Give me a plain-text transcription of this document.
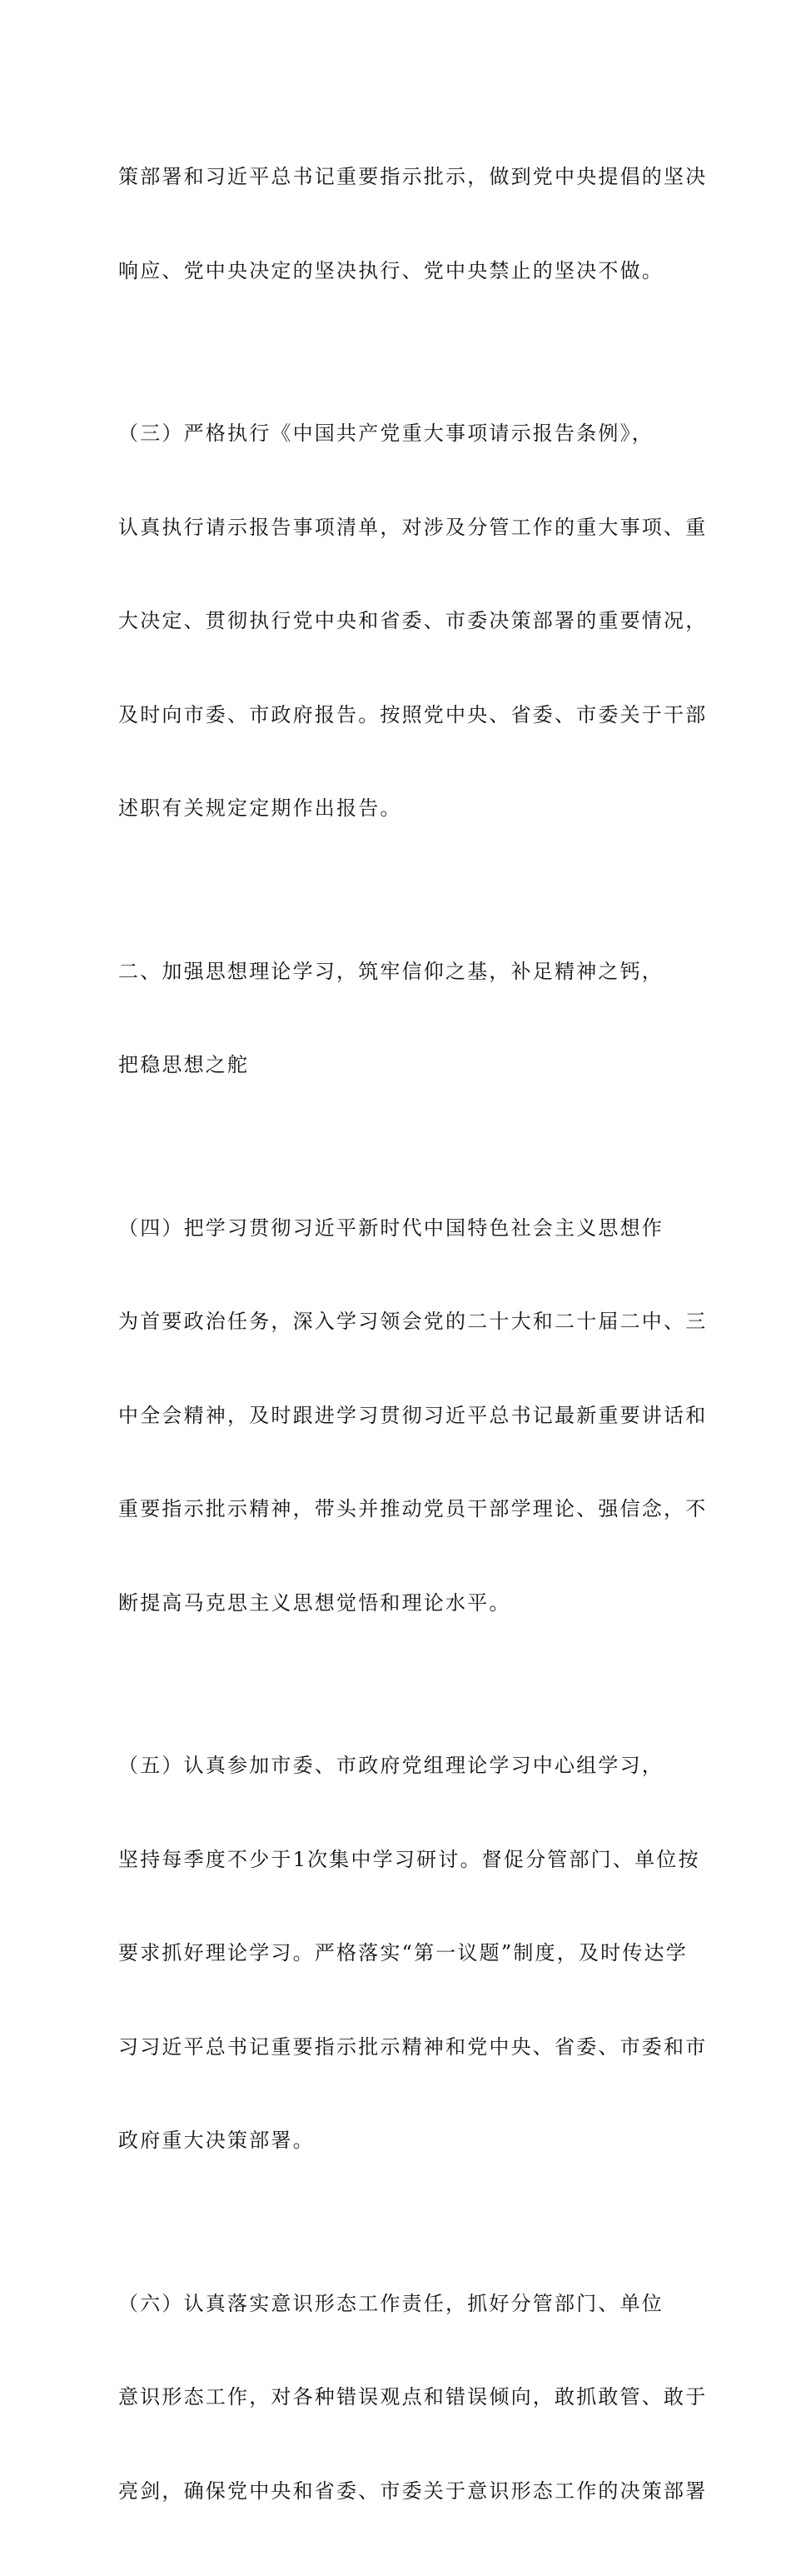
策部署和习近平总书记重要指示批示，做到党中央提倡的坚决

响应、党中央决定的坚决执行、党中央禁止的坚决不做。

（三）严格执行《中国共产党重大事项请示报告条例》，

认真执行请示报告事项清单，对涉及分管工作的重大事项、重

大决定、贯彻执行党中央和省委、市委决策部署的重要情况，

及时向市委、市政府报告。按照党中央、省委、市委关于干部

述职有关规定定期作出报告。

二、加强思想理论学习，筑牢信仰之基，补足精神之钙，

把稳思想之舵

（四）把学习贯彻习近平新时代中国特色社会主义思想作

为首要政治任务，深入学习领会党的二十大和二十届二中、三

中全会精神，及时跟进学习贯彻习近平总书记最新重要讲话和

重要指示批示精神，带头并推动党员干部学理论、强信念，不

断提高马克思主义思想觉悟和理论水平。

（五）认真参加市委、市政府党组理论学习中心组学习，

坚持每季度不少于1次集中学习研讨。督促分管部门、单位按

要求抓好理论学习。严格落实“第一议题”制度，及时传达学

习习近平总书记重要指示批示精神和党中央、省委、市委和市

政府重大决策部署。

（六）认真落实意识形态工作责任，抓好分管部门、单位

意识形态工作，对各种错误观点和错误倾向，敢抓敢管、敢于

亮剑，确保党中央和省委、市委关于意识形态工作的决策部署
